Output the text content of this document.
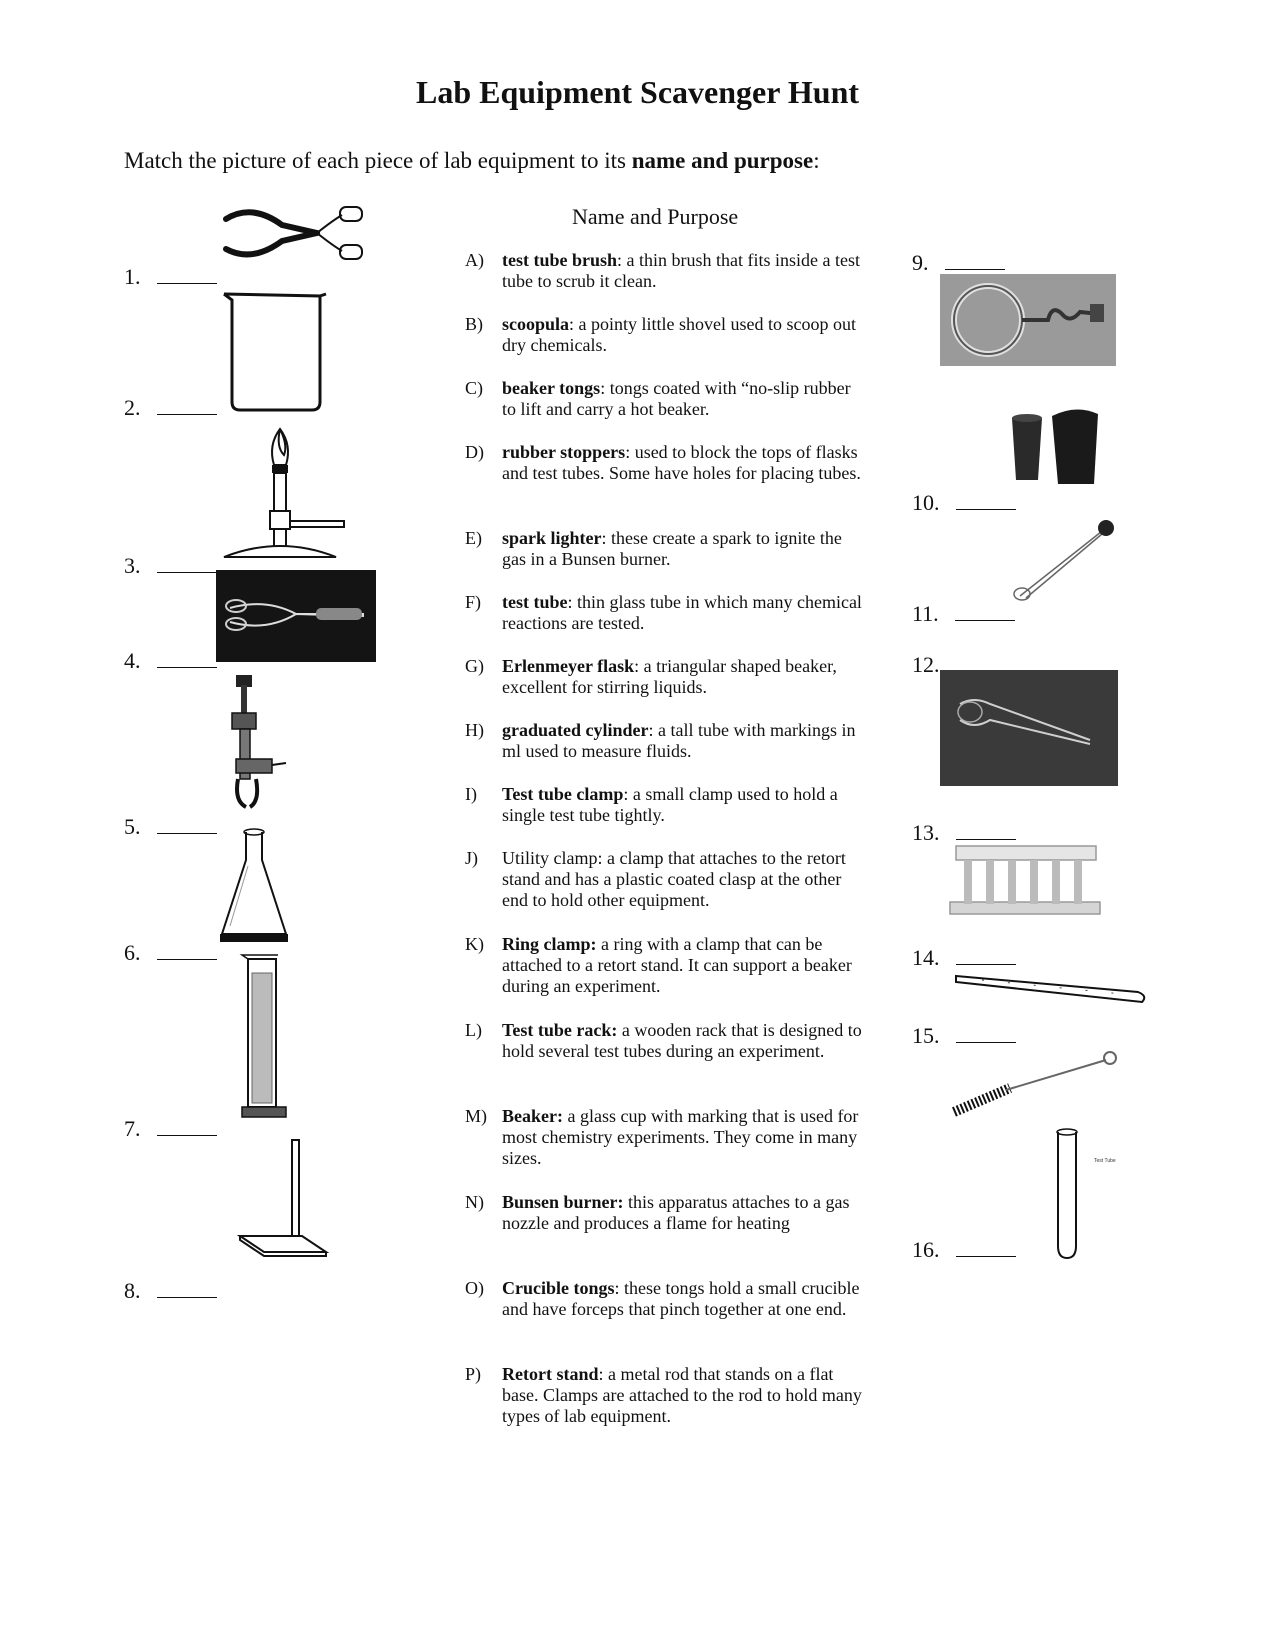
Lab Equipment Scavenger Hunt
Match the picture of each piece of lab equipment to its name and purpose:
Name and Purpose
1.
2.
3.
4.
5.
6.
7.
8.
9.
10.
11.
12.
13.
14.
15.
16.
A) test tube brush: a thin brush that fits inside a test tube to scrub it clean.
B) scoopula: a pointy little shovel used to scoop out dry chemicals.
C) beaker tongs: tongs coated with “no-slip rubber to lift and carry a hot beaker.
D) rubber stoppers: used to block the tops of flasks and test tubes. Some have holes for placing tubes.
E) spark lighter: these create a spark to ignite the gas in a Bunsen burner.
F) test tube: thin glass tube in which many chemical reactions are tested.
G) Erlenmeyer flask: a triangular shaped beaker, excellent for stirring liquids.
H) graduated cylinder: a tall tube with markings in ml used to measure fluids.
I) Test tube clamp: a small clamp used to hold a single test tube tightly.
J) Utility clamp: a clamp that attaches to the retort stand and has a plastic coated clasp at the other end to hold other equipment.
K) Ring clamp: a ring with a clamp that can be attached to a retort stand. It can support a beaker during an experiment.
L) Test tube rack: a wooden rack that is designed to hold several test tubes during an experiment.
M) Beaker: a glass cup with marking that is used for most chemistry experiments. They come in many sizes.
N) Bunsen burner: this apparatus attaches to a gas nozzle and produces a flame for heating
O) Crucible tongs: these tongs hold a small crucible and have forceps that pinch together at one end.
P) Retort stand: a metal rod that stands on a flat base. Clamps are attached to the rod to hold many types of lab equipment.
Test Tube
